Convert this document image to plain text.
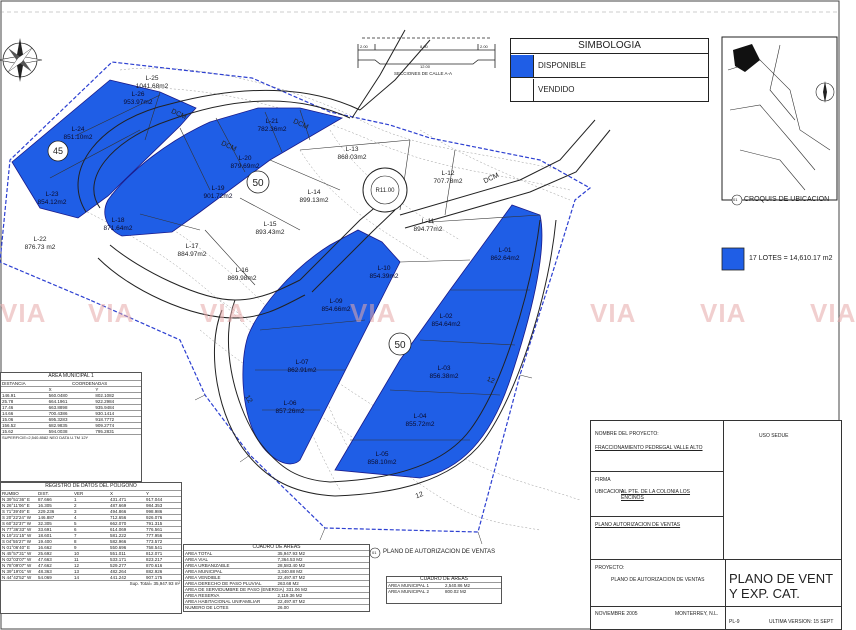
L-25
1041.68m2
L-26
953.97m2
L-24
851.10m2
L-23
854.12m2
L-22
876.73 m2
L-21
782.36m2
L-20
879.69m2
L-19
901.72m2
L-18
871.64m2
L-17
884.97m2
L-16
869.98m2
L-15
893.43m2
L-14
899.13m2
L-13
868.03m2
L-12
707.78m2
L-11
894.77m2
L-10
854.39m2
L-09
854.66m2
L-07
862.91m2
L-06
857.26m2
L-05
858.10m2
L-04
855.72m2
L-03
856.38m2
L-02
854.64m2
L-01
862.64m2
DCM
DCM
DCM
DCM
12
12
12
45
50
50
R11.00
VIA VIA	VIA	VIA	VIA VIA VIA
SECCIONES DE CALLE A-A
2.00	8.00	2.00
12.00
SIMBOLOGIA
DISPONIBLE
VENDIDO
CROQUIS DE UBICACION
01
17 LOTES = 14,610.17 m2
AREA MUNICIPAL 1
DISTANCIA	COORDENADAS
X	Y
146.91	560.0480	802.1082
25.78	664.1961	922.2984
17.46	663.8898	935.9484
14.66	700.4386	930.1414
15.06	695.3283	918.7772
156.52	682.9835	909.2774
15.62	594.0038	795.2831
SUPERFICIE=2,540.8582 NEO DATA U.TM 12Y
REGISTRO DE DATOS DEL POLIGONO
RUMBO	DIST.	VER	X	Y
N 39°51'36" E	87.666	1	431.471	917.044
N 26°11'06" E	16.305	2	487.669	984.353
S 71°39'49" E	229.236	3	494.866	998.986
S 20°22'24" W	146.887	4	712.656	926.076
S 60°32'37" W	32.305	5	662.070	791.315
N 77°36'33" W	33.691	6	614.069	776.561
N 19°21'15" W	18.601	7	581.222	777.956
S 04°55'27" W	19.400	8	582.966	773.572
N 01°06'40" E	16.662	9	550.696	758.541
N 45°57'31" W	25.692	10	551.011	812.071
N 02°03'07" W	47.663	11	533.171	823.217
N 78°09'07" W	47.662	12	529.277	870.616
N 39°19'01" W	48.363	13	482.264	882.926
N 44°42'52" W	54.069	14	441.242	907.175
Sup. Total= 35,947.93 m²
CUADRO DE AREAS
AREA TOTAL	35,947.93 M2
AREA VIAL	7,364.53 M2
AREA URBANIZABLE	28,583.40 M2
AREA MUNICIPAL	3,340.88 M2
AREA VENDIBLE	22,497.87 M2
AREA DERECHO DE PASO PLUVIAL	263.68 M2
AREA DE SERVIDUMBRE DE PASO (ENERGIA) 331.06 M2
AREA RESERVA	2,119.36 M2
AREA HABITACIONAL UNIFAMILIAR	22,497.87 M2
NUMERO DE LOTES	26.00
PLANO DE AUTORIZACION DE VENTAS
01
CUADRO DE AREAS
AREA MUNICIPAL 1	2,540.86 M2
AREA MUNICIPAL 2	800.02 M2
USO SEDUE
NOMBRE DEL PROYECTO:
FRACCIONAMIENTO PEDREGAL VALLE ALTO
FIRMA
UBICACION:
AL PTE. DE LA COLONIA LOS ENCINOS
PLANO AUTORIZACION DE VENTAS
PROYECTO:
PLANO DE AUTORIZACION DE VENTAS PLANO DE VENT
Y EXP. CAT.
NOVIEMBRE 2005	MONTERREY, N.L.
PL-9	ULTIMA VERSION: 15 SEPT
